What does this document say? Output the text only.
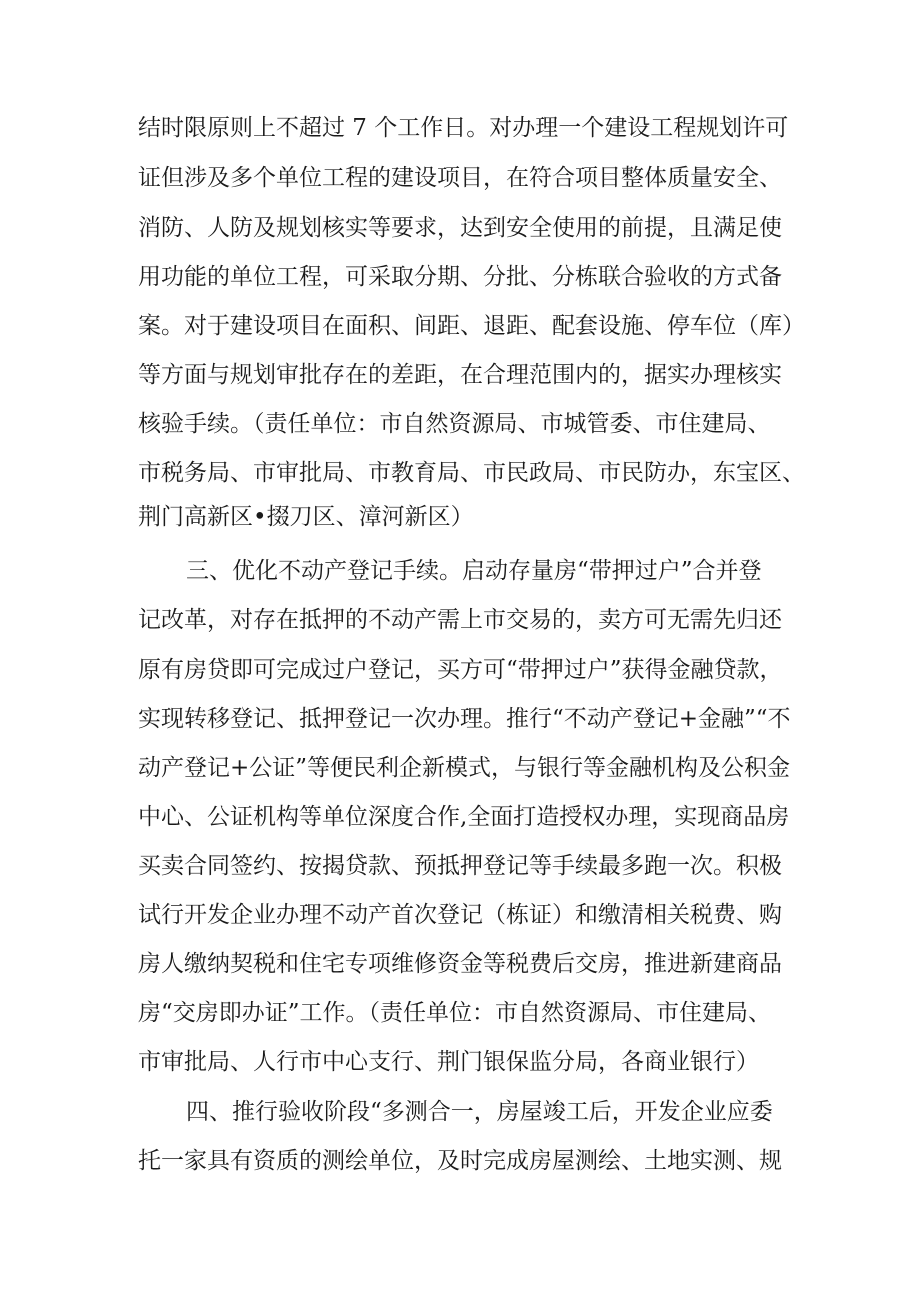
结时限原则上不超过 7 个工作日。对办理一个建设工程规划许可
证但涉及多个单位工程的建设项目，在符合项目整体质量安全、
消防、人防及规划核实等要求，达到安全使用的前提，且满足使
用功能的单位工程，可采取分期、分批、分栋联合验收的方式备
案。对于建设项目在面积、间距、退距、配套设施、停车位（库）
等方面与规划审批存在的差距，在合理范围内的，据实办理核实
核验手续。（责任单位：市自然资源局、市城管委、市住建局、
市税务局、市审批局、市教育局、市民政局、市民防办，东宝区、
荆门高新区•掇刀区、漳河新区）
三、优化不动产登记手续。启动存量房“带押过户”合并登
记改革，对存在抵押的不动产需上市交易的，卖方可无需先归还
原有房贷即可完成过户登记，买方可“带押过户”获得金融贷款，
实现转移登记、抵押登记一次办理。推行“不动产登记+金融”“不
动产登记+公证”等便民利企新模式，与银行等金融机构及公积金
中心、公证机构等单位深度合作,全面打造授权办理，实现商品房
买卖合同签约、按揭贷款、预抵押登记等手续最多跑一次。积极
试行开发企业办理不动产首次登记（栋证）和缴清相关税费、购
房人缴纳契税和住宅专项维修资金等税费后交房，推进新建商品
房“交房即办证”工作。（责任单位：市自然资源局、市住建局、
市审批局、人行市中心支行、荆门银保监分局，各商业银行）
四、推行验收阶段“多测合一，房屋竣工后，开发企业应委
托一家具有资质的测绘单位，及时完成房屋测绘、土地实测、规
